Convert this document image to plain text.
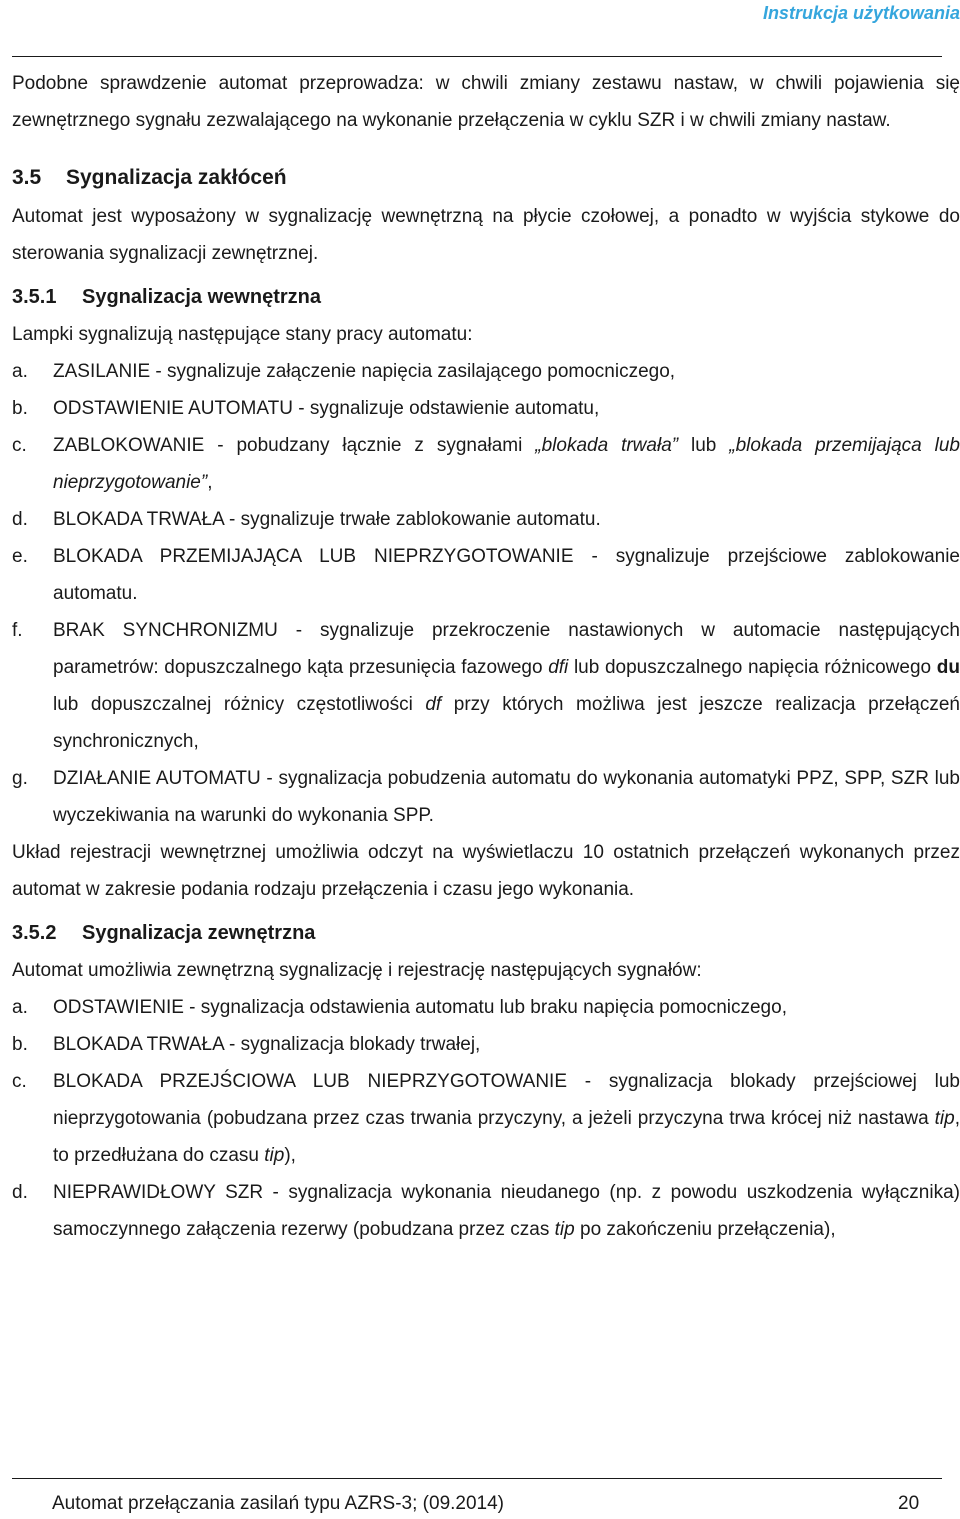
Instrukcja użytkowania

Podobne sprawdzenie automat przeprowadza: w chwili zmiany zestawu nastaw, w chwili pojawienia się zewnętrznego sygnału zezwalającego na wykonanie przełączenia w cyklu SZR i w chwili zmiany nastaw.

3.5 Sygnalizacja zakłóceń

Automat jest wyposażony w sygnalizację wewnętrzną na płycie czołowej, a ponadto w wyjścia stykowe do sterowania sygnalizacji zewnętrznej.

3.5.1 Sygnalizacja wewnętrzna

Lampki sygnalizują następujące stany pracy automatu:

a.	ZASILANIE - sygnalizuje załączenie napięcia zasilającego pomocniczego,
b.	ODSTAWIENIE AUTOMATU - sygnalizuje odstawienie automatu,
c.	ZABLOKOWANIE - pobudzany łącznie z sygnałami „blokada trwała” lub „blokada przemijająca lub nieprzygotowanie”,
d.	BLOKADA TRWAŁA - sygnalizuje trwałe zablokowanie automatu.
e.	BLOKADA PRZEMIJAJĄCA LUB NIEPRZYGOTOWANIE - sygnalizuje przejściowe zablokowanie automatu.
f.	BRAK SYNCHRONIZMU - sygnalizuje przekroczenie nastawionych w automacie następujących parametrów: dopuszczalnego kąta przesunięcia fazowego dfi lub dopuszczalnego napięcia różnicowego du lub dopuszczalnej różnicy częstotliwości df przy których możliwa jest jeszcze realizacja przełączeń synchronicznych,
g.	DZIAŁANIE AUTOMATU - sygnalizacja pobudzenia automatu do wykonania automatyki PPZ, SPP, SZR lub wyczekiwania na warunki do wykonania SPP.

Układ rejestracji wewnętrznej umożliwia odczyt na wyświetlaczu 10 ostatnich przełączeń wykonanych przez automat w zakresie podania rodzaju przełączenia i czasu jego wykonania.

3.5.2 Sygnalizacja zewnętrzna

Automat umożliwia zewnętrzną sygnalizację i rejestrację następujących sygnałów:

a.	ODSTAWIENIE - sygnalizacja odstawienia automatu lub braku napięcia pomocniczego,
b.	BLOKADA TRWAŁA - sygnalizacja blokady trwałej,
c.	BLOKADA PRZEJŚCIOWA LUB NIEPRZYGOTOWANIE - sygnalizacja blokady przejściowej lub nieprzygotowania (pobudzana przez czas trwania przyczyny, a jeżeli przyczyna trwa krócej niż nastawa tip, to przedłużana do czasu tip),
d.	NIEPRAWIDŁOWY SZR - sygnalizacja wykonania nieudanego (np. z powodu uszkodzenia wyłącznika) samoczynnego załączenia rezerwy (pobudzana przez czas tip po zakończeniu przełączenia),
Automat przełączania zasilań typu AZRS-3; (09.2014)	20
